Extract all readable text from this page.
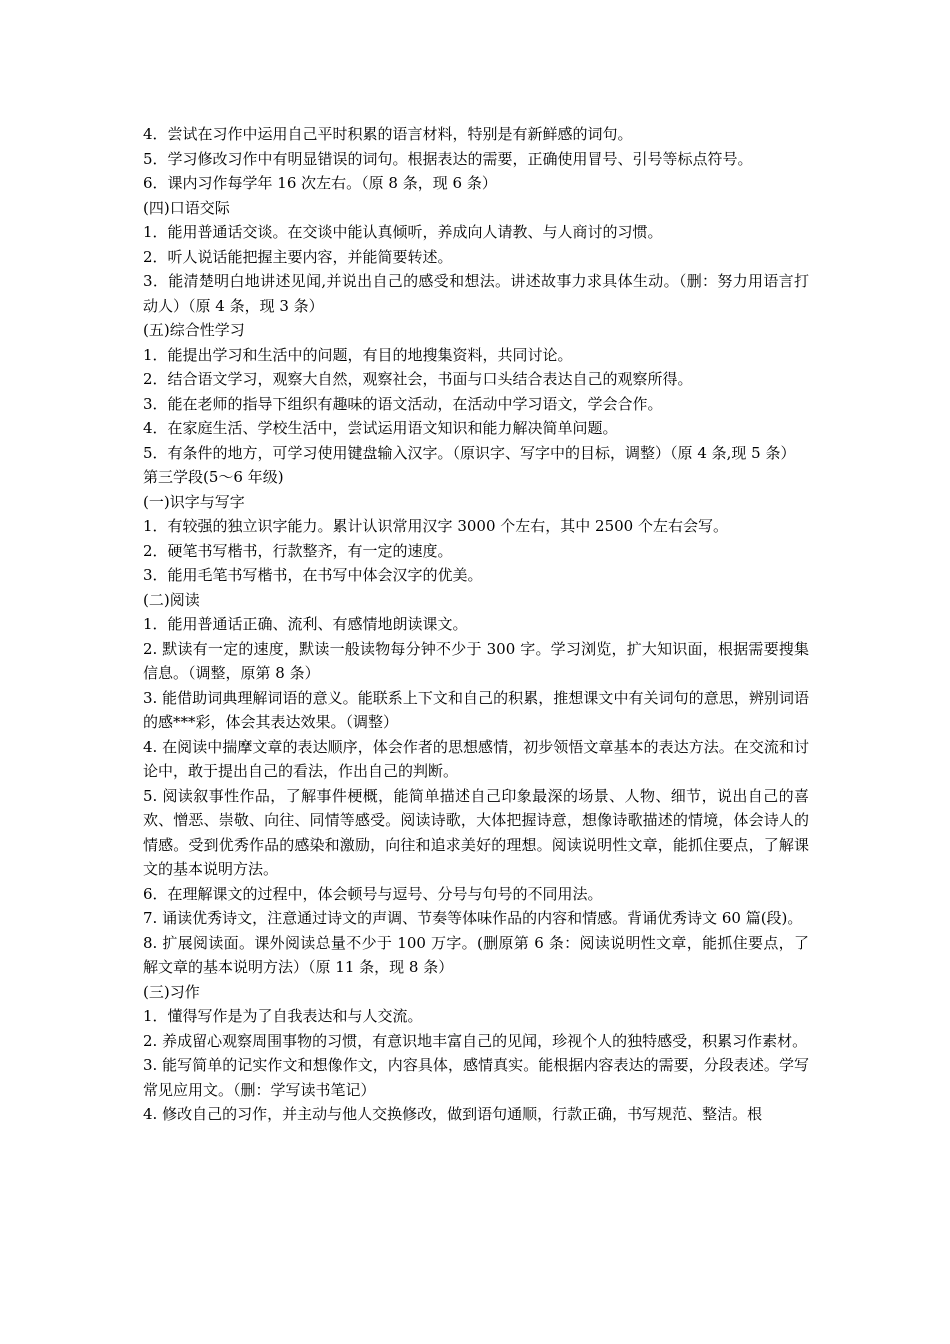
4．尝试在习作中运用自己平时积累的语言材料，特别是有新鲜感的词句。

5．学习修改习作中有明显错误的词句。根据表达的需要，正确使用冒号、引号等标点符号。

6．课内习作每学年 16 次左右。（原 8 条，现 6 条）

(四)口语交际

1．能用普通话交谈。在交谈中能认真倾听，养成向人请教、与人商讨的习惯。

2．听人说话能把握主要内容，并能简要转述。

3．能清楚明白地讲述见闻,并说出自己的感受和想法。讲述故事力求具体生动。（删：努力用语言打动人）（原 4 条，现 3 条）

(五)综合性学习

1．能提出学习和生活中的问题，有目的地搜集资料，共同讨论。

2．结合语文学习，观察大自然，观察社会，书面与口头结合表达自己的观察所得。

3．能在老师的指导下组织有趣味的语文活动，在活动中学习语文，学会合作。

4．在家庭生活、学校生活中，尝试运用语文知识和能力解决简单问题。

5．有条件的地方，可学习使用键盘输入汉字。（原识字、写字中的目标，调整）（原 4 条,现 5 条）

第三学段(5～6 年级)

(一)识字与写字

1．有较强的独立识字能力。累计认识常用汉字 3000 个左右，其中 2500 个左右会写。

2．硬笔书写楷书，行款整齐，有一定的速度。

3．能用毛笔书写楷书，在书写中体会汉字的优美。

(二)阅读

1．能用普通话正确、流利、有感情地朗读课文。

2. 默读有一定的速度，默读一般读物每分钟不少于 300 字。学习浏览，扩大知识面，根据需要搜集信息。（调整，原第 8 条）

3. 能借助词典理解词语的意义。能联系上下文和自己的积累，推想课文中有关词句的意思，辨别词语的感***彩，体会其表达效果。（调整）

4. 在阅读中揣摩文章的表达顺序，体会作者的思想感情，初步领悟文章基本的表达方法。在交流和讨论中，敢于提出自己的看法，作出自己的判断。

5. 阅读叙事性作品，了解事件梗概，能简单描述自己印象最深的场景、人物、细节，说出自己的喜欢、憎恶、崇敬、向往、同情等感受。阅读诗歌，大体把握诗意，想像诗歌描述的情境，体会诗人的情感。受到优秀作品的感染和激励，向往和追求美好的理想。阅读说明性文章，能抓住要点，了解课文的基本说明方法。

6．在理解课文的过程中，体会顿号与逗号、分号与句号的不同用法。

7. 诵读优秀诗文，注意通过诗文的声调、节奏等体味作品的内容和情感。背诵优秀诗文 60 篇(段)。

8. 扩展阅读面。课外阅读总量不少于 100 万字。(删原第 6 条：阅读说明性文章，能抓住要点，了解文章的基本说明方法）（原 11 条，现 8 条）

(三)习作

1．懂得写作是为了自我表达和与人交流。

2. 养成留心观察周围事物的习惯，有意识地丰富自己的见闻，珍视个人的独特感受，积累习作素材。

3. 能写简单的记实作文和想像作文，内容具体，感情真实。能根据内容表达的需要，分段表述。学写常见应用文。（删：学写读书笔记）

4. 修改自己的习作，并主动与他人交换修改，做到语句通顺，行款正确，书写规范、整洁。根
